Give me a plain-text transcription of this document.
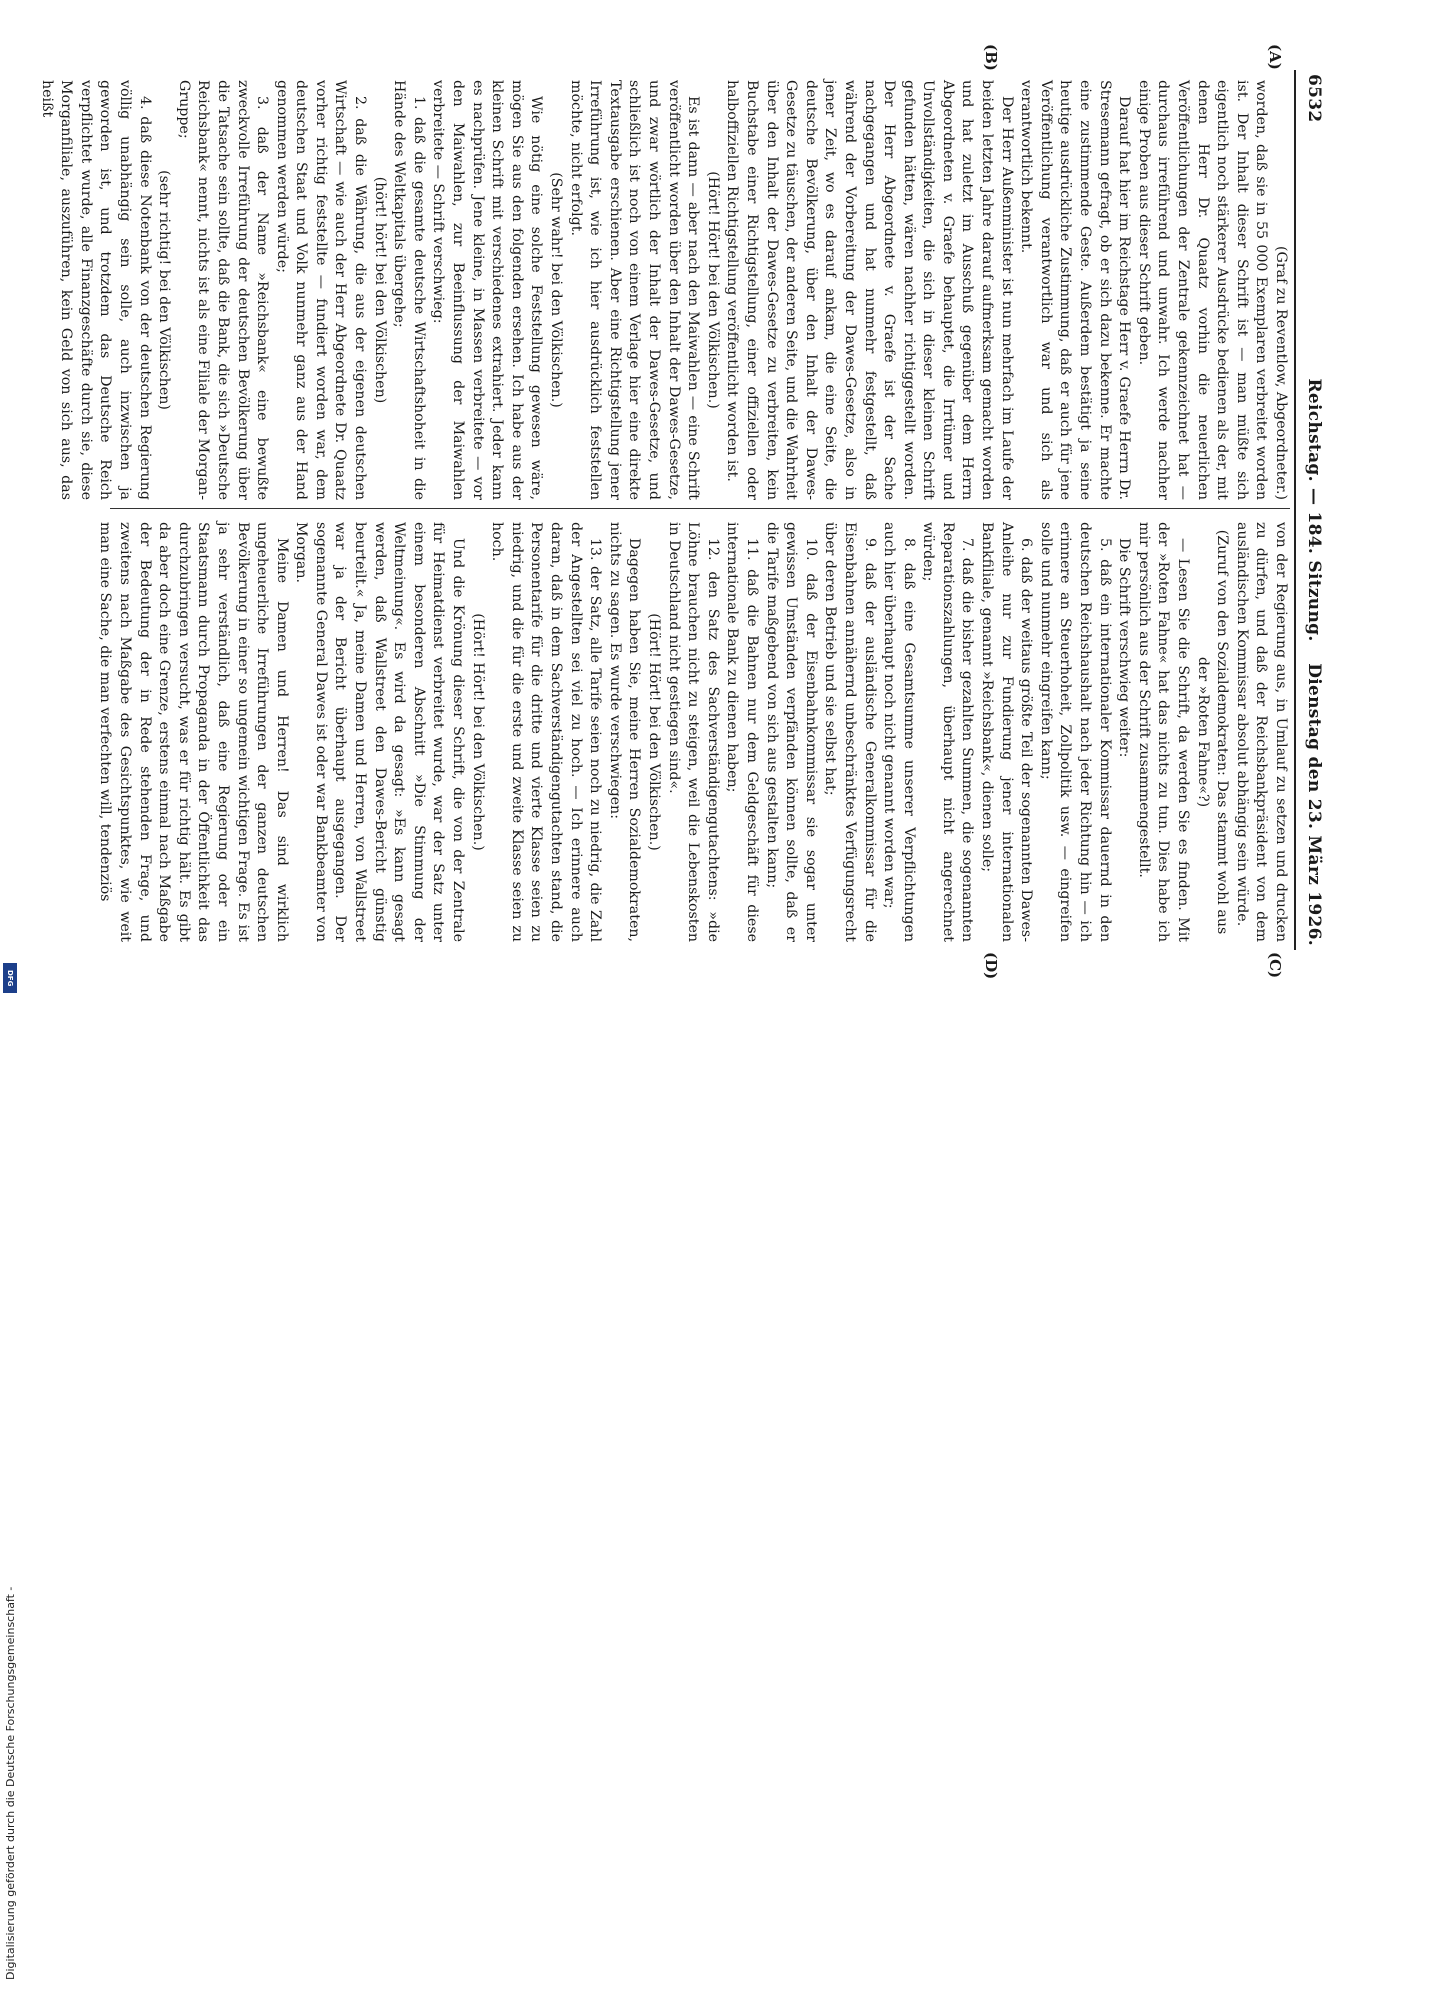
6532
Reichstag. — 184. Sitzung.
Dienstag den 23. März 1926.

(Graf zu Reventlow, Abgeordneter.)

worden, daß sie in 55 000 Exemplaren verbreitet worden ist. Der Inhalt dieser Schrift ist — man müßte sich eigentlich noch stärkerer Ausdrücke bedienen als der, mit denen Herr Dr. Quaatz vorhin die neuerlichen Veröffentlichungen der Zentrale gekennzeichnet hat — durchaus irreführend und unwahr. Ich werde nachher einige Proben aus dieser Schrift geben.

Darauf hat hier im Reichstage Herr v. Graefe Herrn Dr. Stresemann gefragt, ob er sich dazu bekenne. Er machte eine zustimmende Geste. Außerdem bestätigt ja seine heutige ausdrückliche Zustimmung, daß er auch für jene Veröffentlichung verantwortlich war und sich als verantwortlich bekennt.

Der Herr Außenminister ist nun mehrfach im Laufe der beiden letzten Jahre darauf aufmerksam gemacht worden und hat zuletzt im Ausschuß gegenüber dem Herrn Abgeordneten v. Graefe behauptet, die Irrtümer und Unvollständigkeiten, die sich in dieser kleinen Schrift gefunden hätten, wären nachher richtiggestellt worden. Der Herr Abgeordnete v. Graefe ist der Sache nachgegangen und hat nunmehr festgestellt, daß während der Vorbereitung der Dawes-Gesetze, also in jener Zeit, wo es darauf ankam, die eine Seite, die deutsche Bevölkerung, über den Inhalt der Dawes-Gesetze zu täuschen, der anderen Seite, und die Wahrheit über den Inhalt der Dawes-Gesetze zu verbreiten, kein Buchstabe einer Richtigstellung, einer offiziellen oder halboffiziellen Richtigstellung veröffentlicht worden ist.

(Hört! Hört! bei den Völkischen.)

Es ist dann — aber nach den Maiwahlen — eine Schrift veröffentlicht worden über den Inhalt der Dawes-Gesetze, und zwar wörtlich der Inhalt der Dawes-Gesetze, und schließlich ist noch von einem Verlage hier eine direkte Textausgabe erschienen. Aber eine Richtigstellung jener Irreführung ist, wie ich hier ausdrücklich feststellen möchte, nicht erfolgt.

(Sehr wahr! bei den Völkischen.)

Wie nötig eine solche Feststellung gewesen wäre, mögen Sie aus den folgenden ersehen. Ich habe aus der kleinen Schrift mit verschiedenes extrahiert. Jeder kann es nachprüfen. Jene kleine, in Massen verbreitete — vor den Maiwahlen, zur Beeinflussung der Maiwahlen verbreitete — Schrift verschwieg:

1. daß die gesamte deutsche Wirtschaftshoheit in die Hände des Weltkapitals übergehe;

(hört! hört! bei den Völkischen)

2. daß die Währung, die aus der eigenen deutschen Wirtschaft — wie auch der Herr Abgeordnete Dr. Quaatz vorher richtig feststellte — fundiert worden war, dem deutschen Staat und Volk nunmehr ganz aus der Hand genommen werden würde;

3. daß der Name »Reichsbank« eine bewußte zweckvolle Irreführung der deutschen Bevölkerung über die Tatsache sein sollte, daß die Bank, die sich »Deutsche Reichsbank« nennt, nichts ist als eine Filiale der Morgan-Gruppe;

(sehr richtig! bei den Völkischen)

4. daß diese Notenbank von der deutschen Regierung völlig unabhängig sein solle, auch inzwischen ja geworden ist, und trotzdem das Deutsche Reich verpflichtet wurde, alle Finanzgeschäfte durch sie, diese Morganfiliale, auszuführen, kein Geld von sich aus, das heißt

von der Regierung aus, in Umlauf zu setzen und drucken zu dürfen, und daß der Reichsbankpräsident von dem ausländischen Kommissar absolut abhängig sein würde.

(Zuruf von den Sozialdemokraten: Das stammt wohl aus der »Roten Fahne«?)

— Lesen Sie die Schrift, da werden Sie es finden. Mit der »Roten Fahne« hat das nichts zu tun. Dies habe ich mir persönlich aus der Schrift zusammengestellt.

Die Schrift verschwieg weiter:

5. daß ein internationaler Kommissar dauernd in den deutschen Reichshaushalt nach jeder Richtung hin — ich erinnere an Steuerhoheit, Zollpolitik usw. — eingreifen solle und nunmehr eingreifen kann;

6. daß der weitaus größte Teil der sogenannten Dawes-Anleihe nur zur Fundierung jener internationalen Bankfiliale, genannt »Reichsbank«, dienen solle;

7. daß die bisher gezahlten Summen, die sogenannten Reparationszahlungen, überhaupt nicht angerechnet würden;

8. daß eine Gesamtsumme unserer Verpflichtungen auch hier überhaupt noch nicht genannt worden war;

9. daß der ausländische Generalkommissar für die Eisenbahnen annähernd unbeschränktes Verfügungsrecht über deren Betrieb und sie selbst hat;

10. daß der Eisenbahnkommissar sie sogar unter gewissen Umständen verpfänden können sollte, daß er die Tarife maßgebend von sich aus gestalten kann;

11. daß die Bahnen nur dem Geldgeschäft für diese internationale Bank zu dienen haben;

12. den Satz des Sachverständigengutachtens: »die Löhne brauchen nicht zu steigen, weil die Lebenskosten in Deutschland nicht gestiegen sind«.

(Hört! Hört! bei den Völkischen.)

Dagegen haben Sie, meine Herren Sozialdemokraten, nichts zu sagen. Es wurde verschwiegen:

13. der Satz, alle Tarife seien noch zu niedrig, die Zahl der Angestellten sei viel zu hoch. — Ich erinnere auch daran, daß in dem Sachverständigengutachten stand, die Personentarife für die dritte und vierte Klasse seien zu niedrig, und die für die erste und zweite Klasse seien zu hoch.

(Hört! Hört! bei den Völkischen.)

Und die Krönung dieser Schrift, die von der Zentrale für Heimatdienst verbreitet wurde, war der Satz unter einem besonderen Abschnitt »Die Stimmung der Weltmeinung«. Es wird da gesagt: »Es kann gesagt werden, daß Wallstreet den Dawes-Bericht günstig beurteilt.« Ja, meine Damen und Herren, von Wallstreet war ja der Bericht überhaupt ausgegangen. Der sogenannte General Dawes ist oder war Bankbeamter von Morgan.

Meine Damen und Herren! Das sind wirklich ungeheuerliche Irreführungen der ganzen deutschen Bevölkerung in einer so ungemein wichtigen Frage. Es ist ja sehr verständlich, daß eine Regierung oder ein Staatsmann durch Propaganda in der Öffentlichkeit das durchzubringen versucht, was er für richtig hält. Es gibt da aber doch eine Grenze, erstens einmal nach Maßgabe der Bedeutung der in Rede stehenden Frage, und zweitens nach Maßgabe des Gesichtspunktes, wie weit man eine Sache, die man verfechten will, tendenziös

(A)
(B)
(C)
(D)
Digitalisierung gefördert durch die Deutsche Forschungsgemeinschaft -
DFG
